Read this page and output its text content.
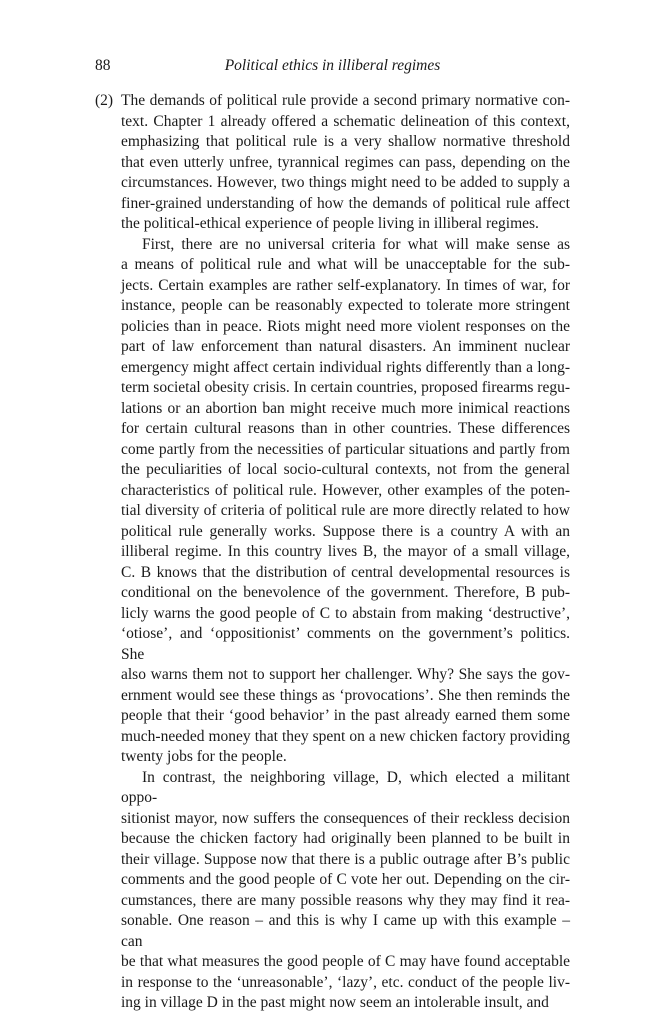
88	Political ethics in illiberal regimes
(2) The demands of political rule provide a second primary normative con-
text. Chapter 1 already offered a schematic delineation of this context,
emphasizing that political rule is a very shallow normative threshold
that even utterly unfree, tyrannical regimes can pass, depending on the
circumstances. However, two things might need to be added to supply a
finer-grained understanding of how the demands of political rule affect
the political-ethical experience of people living in illiberal regimes.
First, there are no universal criteria for what will make sense as
a means of political rule and what will be unacceptable for the sub-
jects. Certain examples are rather self-explanatory. In times of war, for
instance, people can be reasonably expected to tolerate more stringent
policies than in peace. Riots might need more violent responses on the
part of law enforcement than natural disasters. An imminent nuclear
emergency might affect certain individual rights differently than a long-
term societal obesity crisis. In certain countries, proposed firearms regu-
lations or an abortion ban might receive much more inimical reactions
for certain cultural reasons than in other countries. These differences
come partly from the necessities of particular situations and partly from
the peculiarities of local socio-cultural contexts, not from the general
characteristics of political rule. However, other examples of the poten-
tial diversity of criteria of political rule are more directly related to how
political rule generally works. Suppose there is a country A with an
illiberal regime. In this country lives B, the mayor of a small village,
C. B knows that the distribution of central developmental resources is
conditional on the benevolence of the government. Therefore, B pub-
licly warns the good people of C to abstain from making ‘destructive’,
‘otiose’, and ‘oppositionist’ comments on the government’s politics. She
also warns them not to support her challenger. Why? She says the gov-
ernment would see these things as ‘provocations’. She then reminds the
people that their ‘good behavior’ in the past already earned them some
much-needed money that they spent on a new chicken factory providing
twenty jobs for the people.
In contrast, the neighboring village, D, which elected a militant oppo-
sitionist mayor, now suffers the consequences of their reckless decision
because the chicken factory had originally been planned to be built in
their village. Suppose now that there is a public outrage after B’s public
comments and the good people of C vote her out. Depending on the cir-
cumstances, there are many possible reasons why they may find it rea-
sonable. One reason – and this is why I came up with this example – can
be that what measures the good people of C may have found acceptable
in response to the ‘unreasonable’, ‘lazy’, etc. conduct of the people liv-
ing in village D in the past might now seem an intolerable insult, and
